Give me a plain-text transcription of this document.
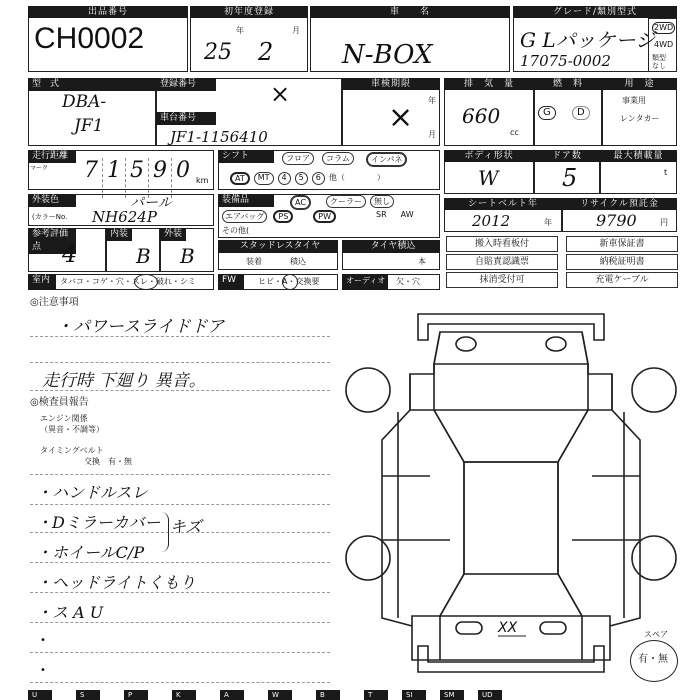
出品番号
CH0002
初年度登録
年	月
25 2
車　　名
N-BOX
グレード/類別型式
G Lパッケージ
17075-0002
2WD
4WD
類型なし
型　式
DBA-
JF1
登録番号	×
車台番号
JF1-1156410
車検期限
年
月
×
排　気　量
660
cc
燃　料
G	D
用　途
事業用
レンタカー
走行距離
マーク 7 1 5 9 0 km
シフト	フロア	コラム	インパネ
AT	MT	4	5	6	他（	）
ボディ形状
W
ドア数
5
最大積載量
t
外装色
(カラーNo.
パール
NH624P
装備品	AC	クーラー	無し
エアバッグ	PS	PW	SR AW
その他(
シートベルト年
2012	年
リサイクル預託金
9790	円
参考評価点 4
内装
B
外装
B	スタッドレスタイヤ
装着	積込
タイヤ積込
本
搬入時看板付	新車保証書
自賠責認識票	納税証明書
抹消受付可	充電ケーブル
室内	タバコ・コゲ・穴・スレ・破れ・シミ	FW	ヒビ・A・交換要	オーディオ	欠・穴
◎注意事項
・パワースライドドア
走行時 下廻り 異音。
◎検査員報告
エンジン関係
（異音・不調等）
タイミングベルト
交換　有・無
・ハンドルスレ
・Dミラーカバー キズ
・ホイールC/P
・ヘッドライトくもり
・ス A U
•
•
XX	スペア
有・無
U	S	P	K	A	W	B	T	SI	SM	UD
